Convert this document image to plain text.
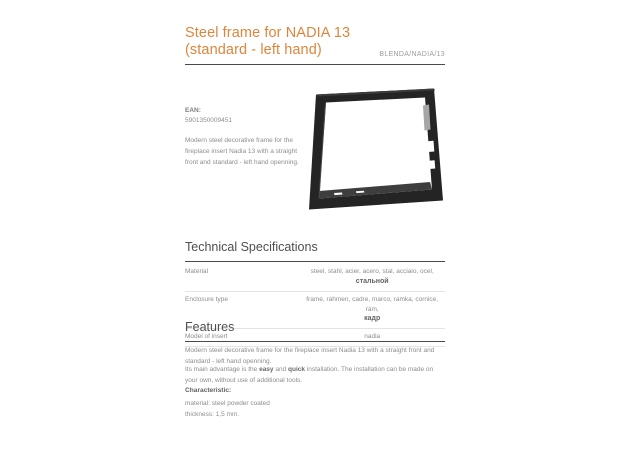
Steel frame for NADIA 13
(standard - left hand)	BLENDA/NADIA/13
EAN:
5901350009451
Modern steel decorative frame for the fireplace insert Nadia 13 with a straight front and standard - left hand openning.
Technical Specifications
Material	steel, stahl, acier, acero, stal, acciaio, ocel,
стальной
Enclosure type	frame, rahmen, cadre, marco, ramka, cornice, rám,
кадр
Model of insert	nadia
Features
Modern steel decorative frame for the fireplace insert Nadia 13 with a straight front and standard - left hand openning.
Its main advantage is the easy and quick installation. The installation can be made on your own, without use of additional tools.
Characteristic:
material: steel powder coated
thickness: 1,5 mm.
